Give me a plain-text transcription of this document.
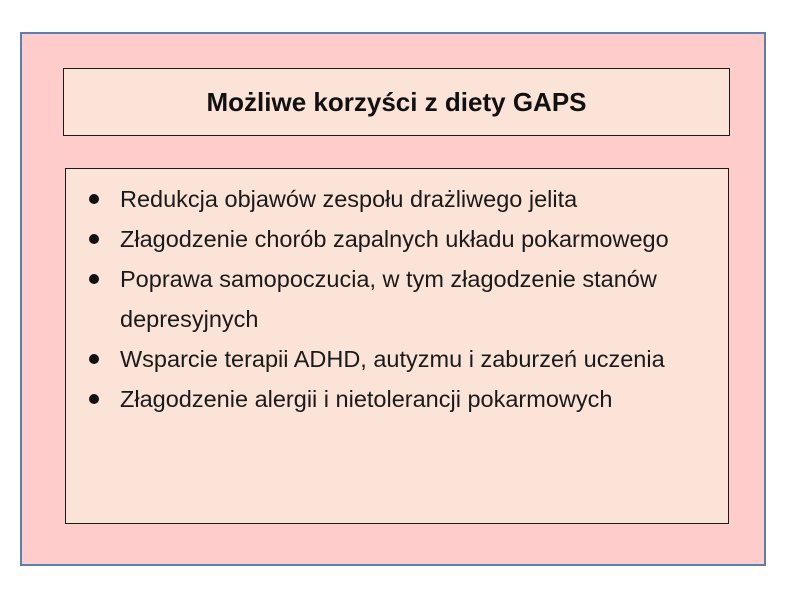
Możliwe korzyści z diety GAPS
Redukcja objawów zespołu drażliwego jelita
Złagodzenie chorób zapalnych układu pokarmowego
Poprawa samopoczucia, w tym złagodzenie stanów depresyjnych
Wsparcie terapii ADHD, autyzmu i zaburzeń uczenia
Złagodzenie alergii i nietolerancji pokarmowych
